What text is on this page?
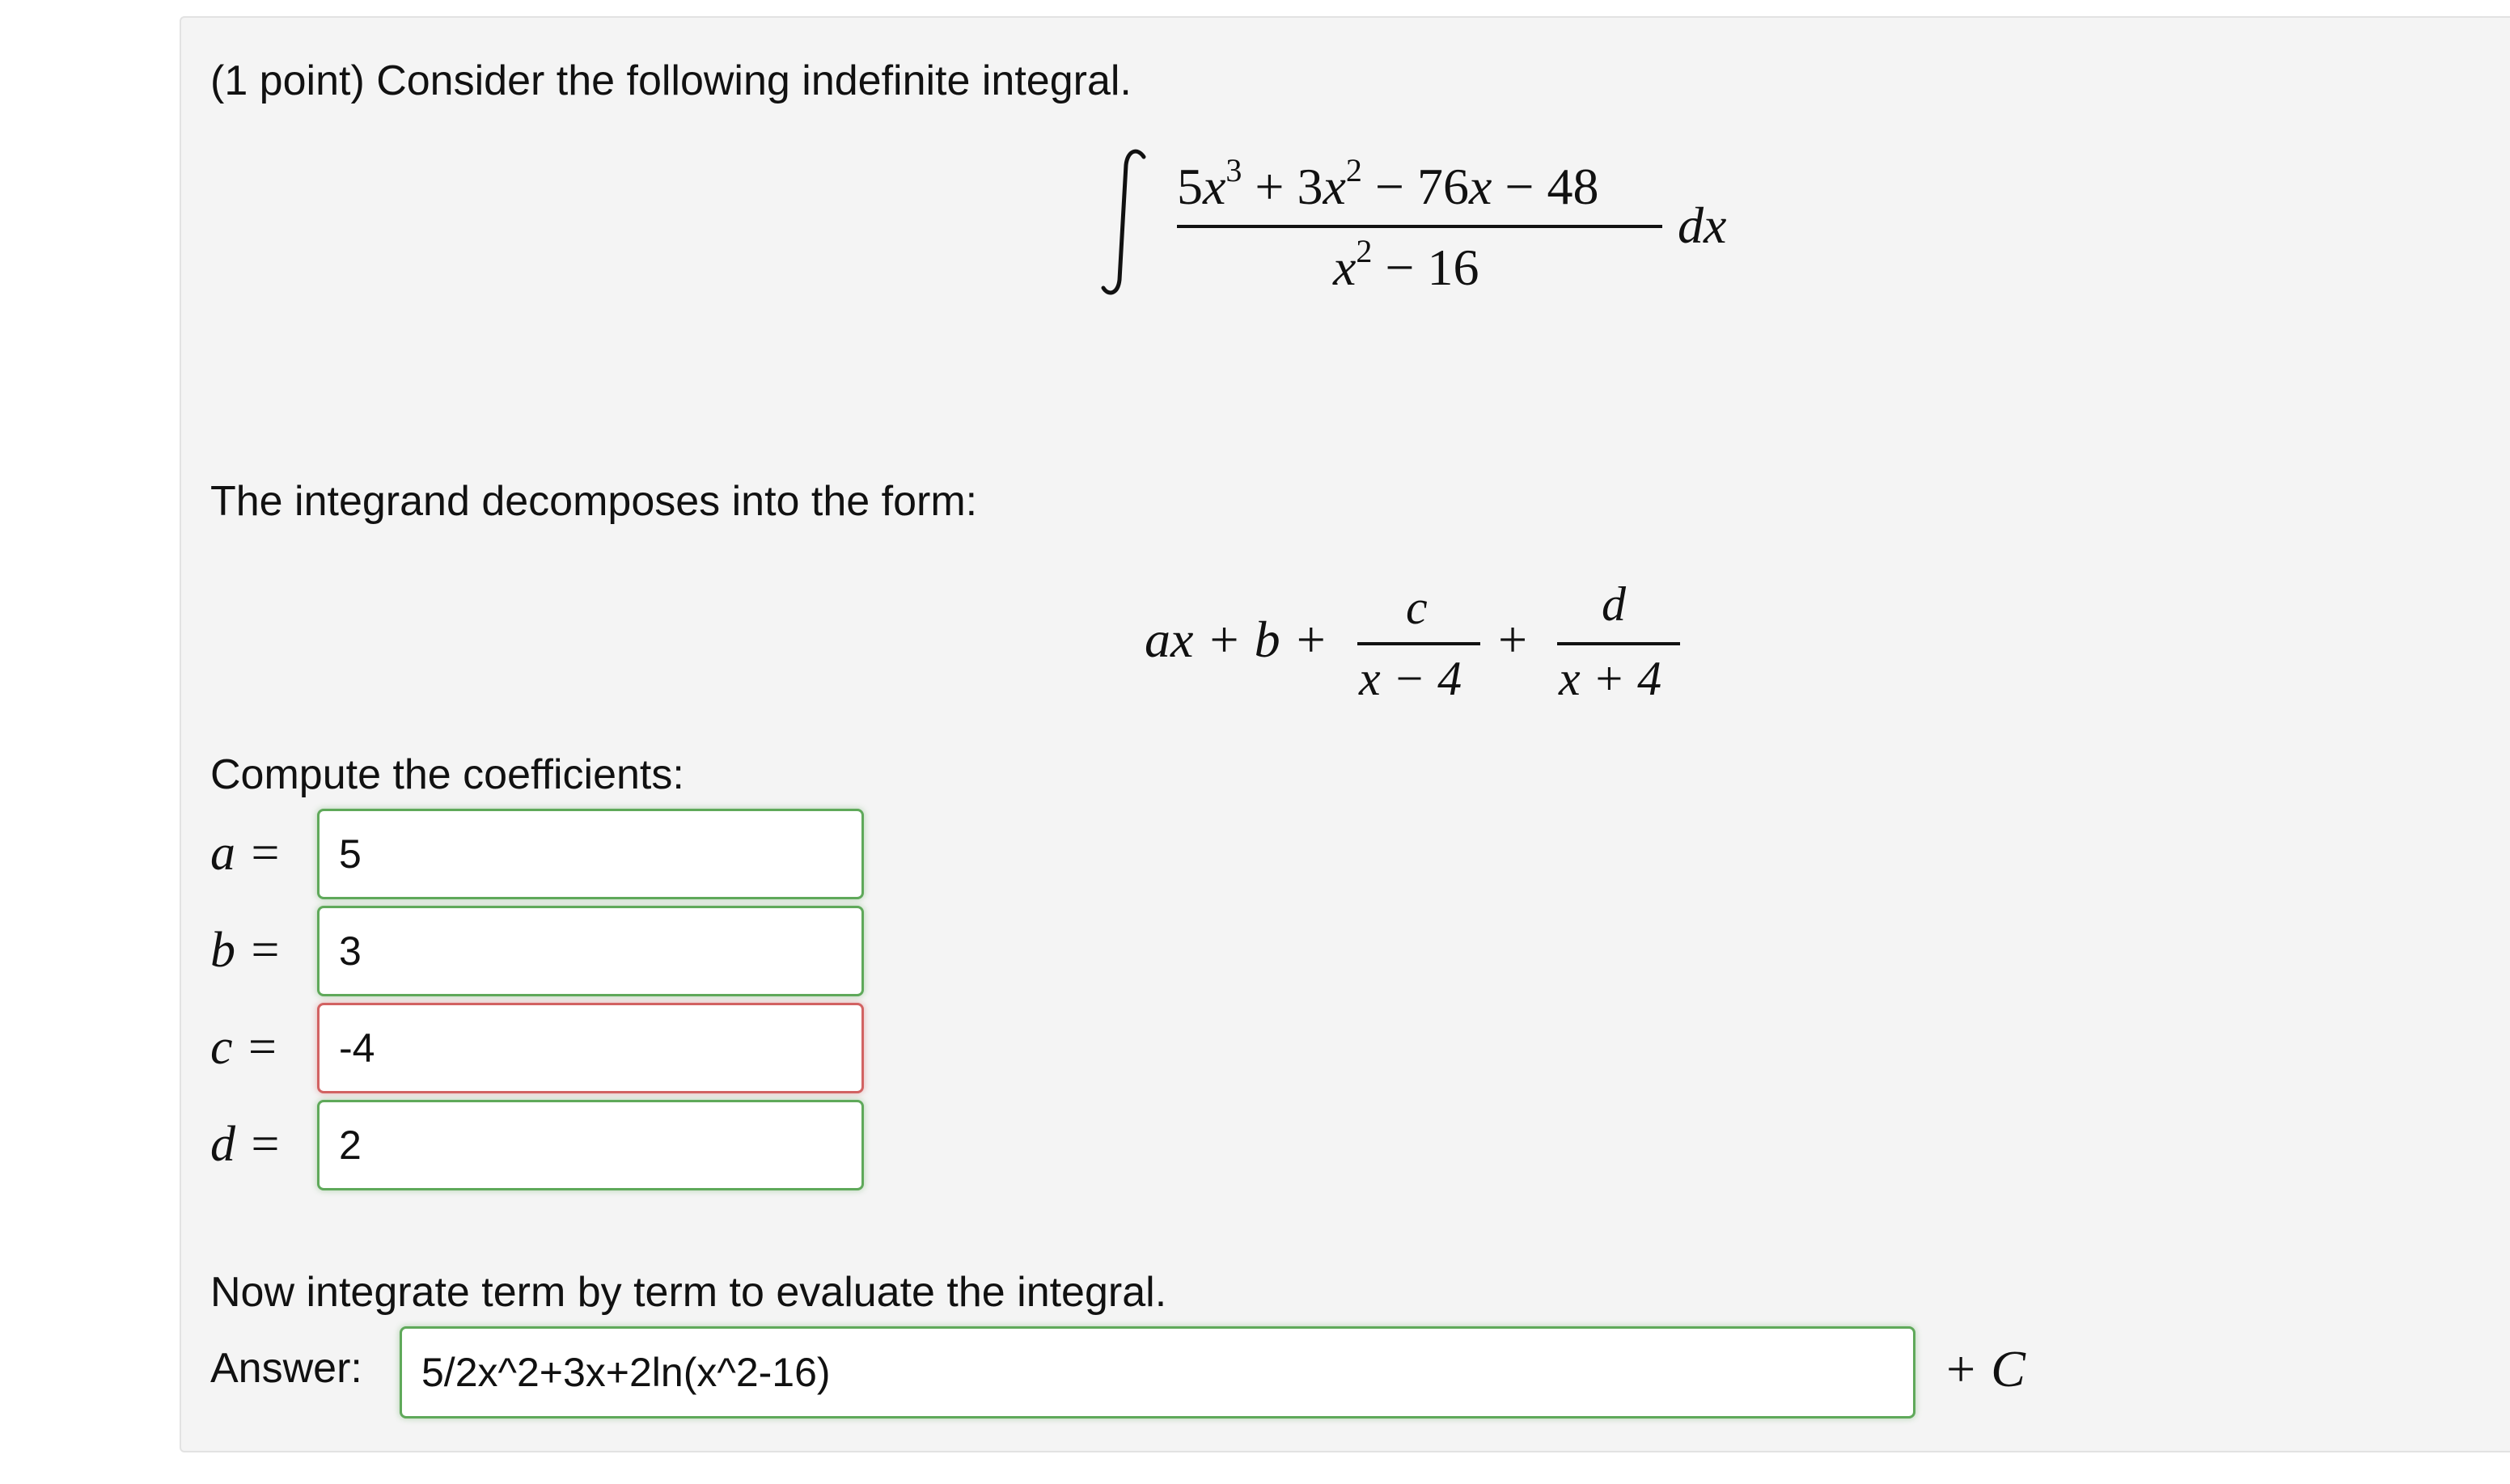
(1 point) Consider the following indefinite integral.
$5x^3 + 3x^2 - 76x - 48$
$x^2 - 16$
dx
The integrand decomposes into the form:
ax + b +
c
x − 4
+
d
x + 4
Compute the coefficients:
a =
5
b =
3
c =
-4
d =
2
Now integrate term by term to evaluate the integral.
Answer:
5/2x^2+3x+2ln(x^2-16)	+ C
